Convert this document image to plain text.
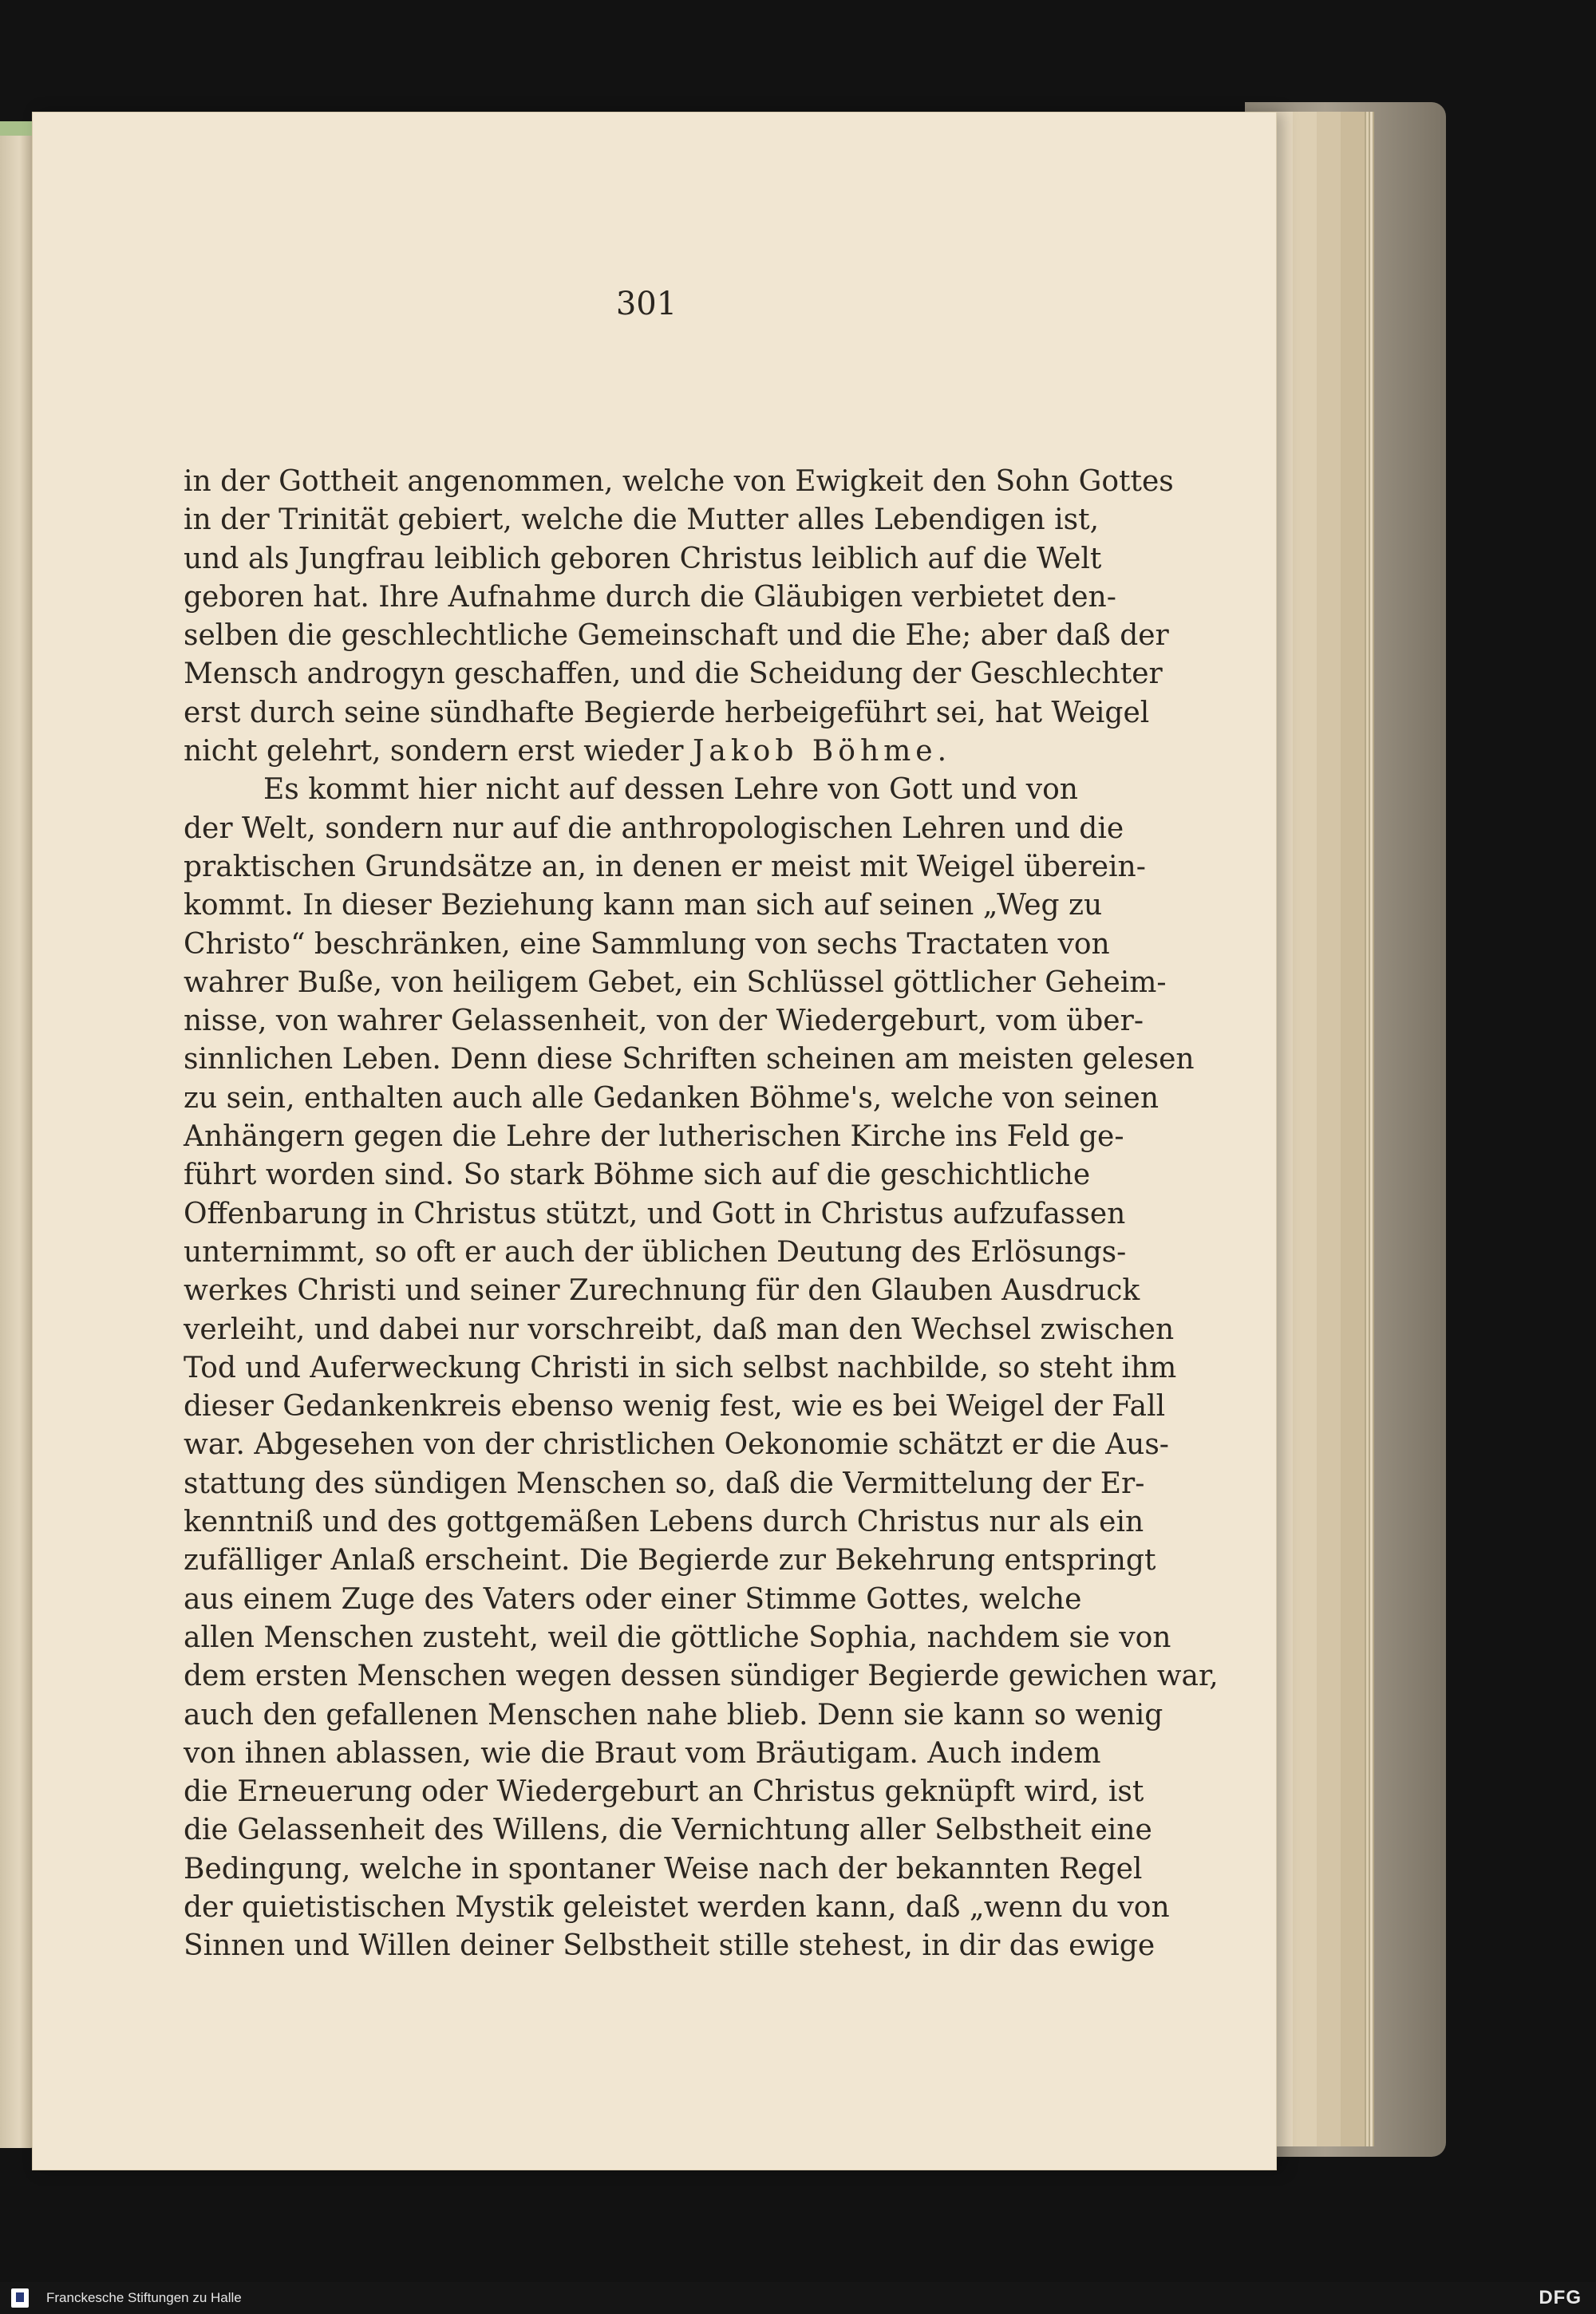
301
in der Gottheit angenommen, welche von Ewigkeit den Sohn Gottes
in der Trinität gebiert, welche die Mutter alles Lebendigen ist,
und als Jungfrau leiblich geboren Christus leiblich auf die Welt
geboren hat. Ihre Aufnahme durch die Gläubigen verbietet den-
selben die geschlechtliche Gemeinschaft und die Ehe; aber daß der
Mensch androgyn geschaffen, und die Scheidung der Geschlechter
erst durch seine sündhafte Begierde herbeigeführt sei, hat Weigel
nicht gelehrt, sondern erst wieder Jakob Böhme.
Es kommt hier nicht auf dessen Lehre von Gott und von
der Welt, sondern nur auf die anthropologischen Lehren und die
praktischen Grundsätze an, in denen er meist mit Weigel überein-
kommt. In dieser Beziehung kann man sich auf seinen „Weg zu
Christo“ beschränken, eine Sammlung von sechs Tractaten von
wahrer Buße, von heiligem Gebet, ein Schlüssel göttlicher Geheim-
nisse, von wahrer Gelassenheit, von der Wiedergeburt, vom über-
sinnlichen Leben. Denn diese Schriften scheinen am meisten gelesen
zu sein, enthalten auch alle Gedanken Böhme's, welche von seinen
Anhängern gegen die Lehre der lutherischen Kirche ins Feld ge-
führt worden sind. So stark Böhme sich auf die geschichtliche
Offenbarung in Christus stützt, und Gott in Christus aufzufassen
unternimmt, so oft er auch der üblichen Deutung des Erlösungs-
werkes Christi und seiner Zurechnung für den Glauben Ausdruck
verleiht, und dabei nur vorschreibt, daß man den Wechsel zwischen
Tod und Auferweckung Christi in sich selbst nachbilde, so steht ihm
dieser Gedankenkreis ebenso wenig fest, wie es bei Weigel der Fall
war. Abgesehen von der christlichen Oekonomie schätzt er die Aus-
stattung des sündigen Menschen so, daß die Vermittelung der Er-
kenntniß und des gottgemäßen Lebens durch Christus nur als ein
zufälliger Anlaß erscheint. Die Begierde zur Bekehrung entspringt
aus einem Zuge des Vaters oder einer Stimme Gottes, welche
allen Menschen zusteht, weil die göttliche Sophia, nachdem sie von
dem ersten Menschen wegen dessen sündiger Begierde gewichen war,
auch den gefallenen Menschen nahe blieb. Denn sie kann so wenig
von ihnen ablassen, wie die Braut vom Bräutigam. Auch indem
die Erneuerung oder Wiedergeburt an Christus geknüpft wird, ist
die Gelassenheit des Willens, die Vernichtung aller Selbstheit eine
Bedingung, welche in spontaner Weise nach der bekannten Regel
der quietistischen Mystik geleistet werden kann, daß „wenn du von
Sinnen und Willen deiner Selbstheit stille stehest, in dir das ewige
Franckesche Stiftungen zu Halle	DFG
